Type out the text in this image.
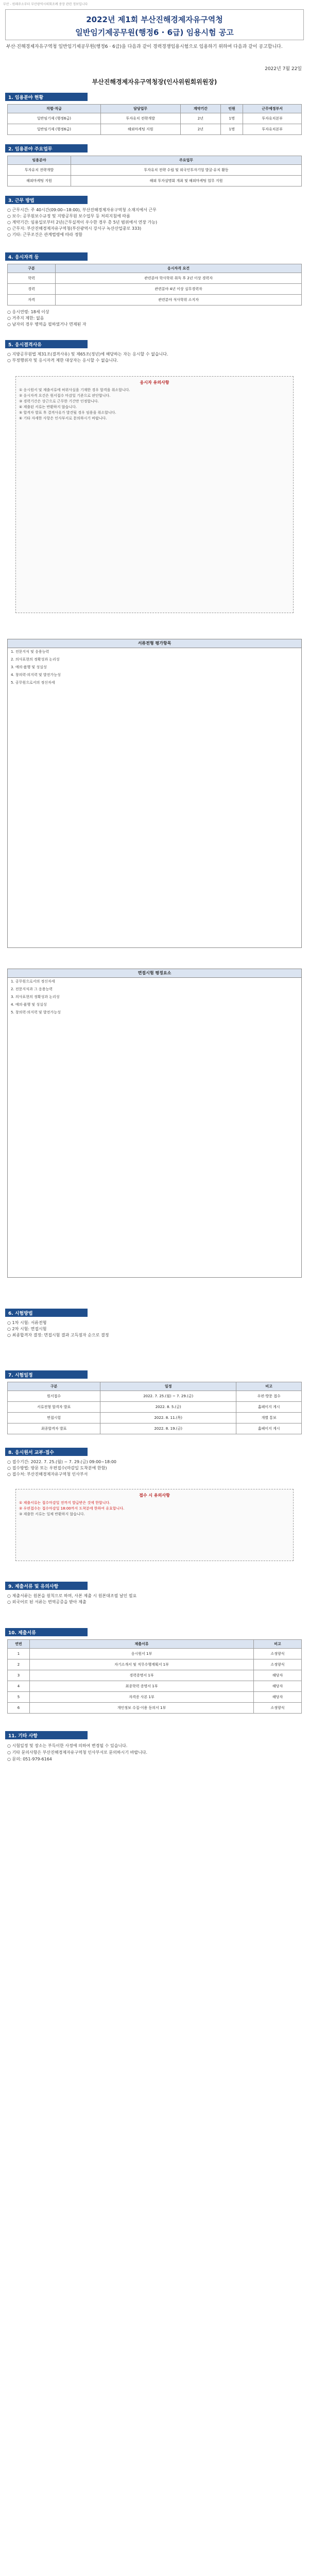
부산 - 원래주소부터 부산광역시의회조례 중장 관련 정보입니다
2022년 제1회 부산진해경제자유구역청
일반임기제공무원(행정6 · 6급) 임용시험 공고
부산·진해경제자유구역청 일반임기제공무원(행정6 · 6급)을 다음과 같이 경력경쟁임용시험으로 임용하기 위하여 다음과 같이 공고합니다.
2022년 7월 22일
부산진해경제자유구역청장(인사위원회위원장)
1. 임용분야 현황
직렬·직급	담당업무	계약기간	인원	근무예정부서
일반임기제 (행정6급)	투자유치 전략개발	2년	1명	투자유치본부
일반임기제 (행정6급)	해외마케팅 지원	2년	1명	투자유치본부
2. 임용분야 주요업무
임용분야	주요업무
투자유치 전략개발	투자유치 전략 수립 및 외국인투자기업 발굴·유치 활동
해외마케팅 지원	해외 투자설명회 개최 및 해외마케팅 업무 지원
3. 근무 방법
○ 근무시간: 주 40시간(09:00~18:00), 부산진해경제자유구역청 소재지에서 근무
○ 보수: 공무원보수규정 및 지방공무원 보수업무 등 처리지침에 따름
○ 계약기간: 임용일로부터 2년(근무실적이 우수한 경우 총 5년 범위에서 연장 가능)
○ 근무지: 부산진해경제자유구역청(부산광역시 강서구 녹산산업중로 333)
○ 기타: 근무조건은 관계법령에 따라 정함
4. 응시자격 등
구분	응시자격 요건
학력	관련분야 학사학위 취득 후 2년 이상 경력자
경력	관련분야 4년 이상 실무경력자
자격	관련분야 석사학위 소지자
○ 응시연령: 18세 이상
○ 거주지 제한: 없음
○ 남자의 경우 병역을 필하였거나 면제된 자
5. 응시결격사유
○ 지방공무원법 제31조(결격사유) 및 제65조(정년)에 해당하는 자는 응시할 수 없습니다.
○ 부정행위자 및 응시자격 제한 대상자는 응시할 수 없습니다.
응시자 유의사항
① 응시원서 및 제출서류에 허위사실을 기재한 경우 합격을 취소합니다.
② 응시자격 요건은 원서접수 마감일 기준으로 판단합니다.
③ 경력기간은 상근으로 근무한 기간만 인정합니다.
④ 제출된 서류는 반환하지 않습니다.
⑤ 합격자 발표 후 결격사유가 발견될 경우 임용을 취소합니다.
⑥ 기타 자세한 사항은 인사부서로 문의하시기 바랍니다.
서류전형 평가항목
1. 전문지식 및 응용능력
2. 의사표현의 정확성과 논리성
3. 예의·품행 및 성실성
4. 창의력·의지력 및 발전가능성
5. 공무원으로서의 정신자세
면접시험 평정요소
1. 공무원으로서의 정신자세
2. 전문지식과 그 응용능력
3. 의사표현의 정확성과 논리성
4. 예의·품행 및 성실성
5. 창의력·의지력 및 발전가능성
6. 시험방법
○ 1차 시험: 서류전형
○ 2차 시험: 면접시험
○ 최종합격자 결정: 면접시험 결과 고득점자 순으로 결정
7. 시험일정
구분	일정	비고
원서접수	2022. 7. 25.(월) ~ 7. 29.(금)	우편·방문 접수
서류전형 합격자 발표	2022. 8. 5.(금)	홈페이지 게시
면접시험	2022. 8. 11.(목)	개별 통보
최종합격자 발표	2022. 8. 19.(금)	홈페이지 게시
8. 응시원서 교부·접수
○ 접수기간: 2022. 7. 25.(월) ~ 7. 29.(금) 09:00~18:00
○ 접수방법: 방문 또는 우편접수(마감일 도착분에 한함)
○ 접수처: 부산진해경제자유구역청 인사부서
접수 시 유의사항
① 제출서류는 접수마감일 전까지 발급받은 것에 한합니다.
② 우편접수는 접수마감일 18:00까지 도착분에 한하여 유효합니다.
③ 제출한 서류는 일체 반환하지 않습니다.
9. 제출서류 및 유의사항
○ 제출서류는 원본을 원칙으로 하며, 사본 제출 시 원본대조필 날인 필요
○ 외국어로 된 서류는 번역공증을 받아 제출
10. 제출서류
연번	제출서류	비고
1	응시원서 1부	소정양식
2	자기소개서 및 직무수행계획서 1부	소정양식
3	경력증명서 1부	해당자
4	최종학력 증명서 1부	해당자
5	자격증 사본 1부	해당자
6	개인정보 수집·이용 동의서 1부	소정양식
11. 기타 사항
○ 시험일정 및 장소는 부득이한 사정에 의하여 변경될 수 있습니다.
○ 기타 문의사항은 부산진해경제자유구역청 인사부서로 문의하시기 바랍니다.
○ 문의: 051-979-6164
